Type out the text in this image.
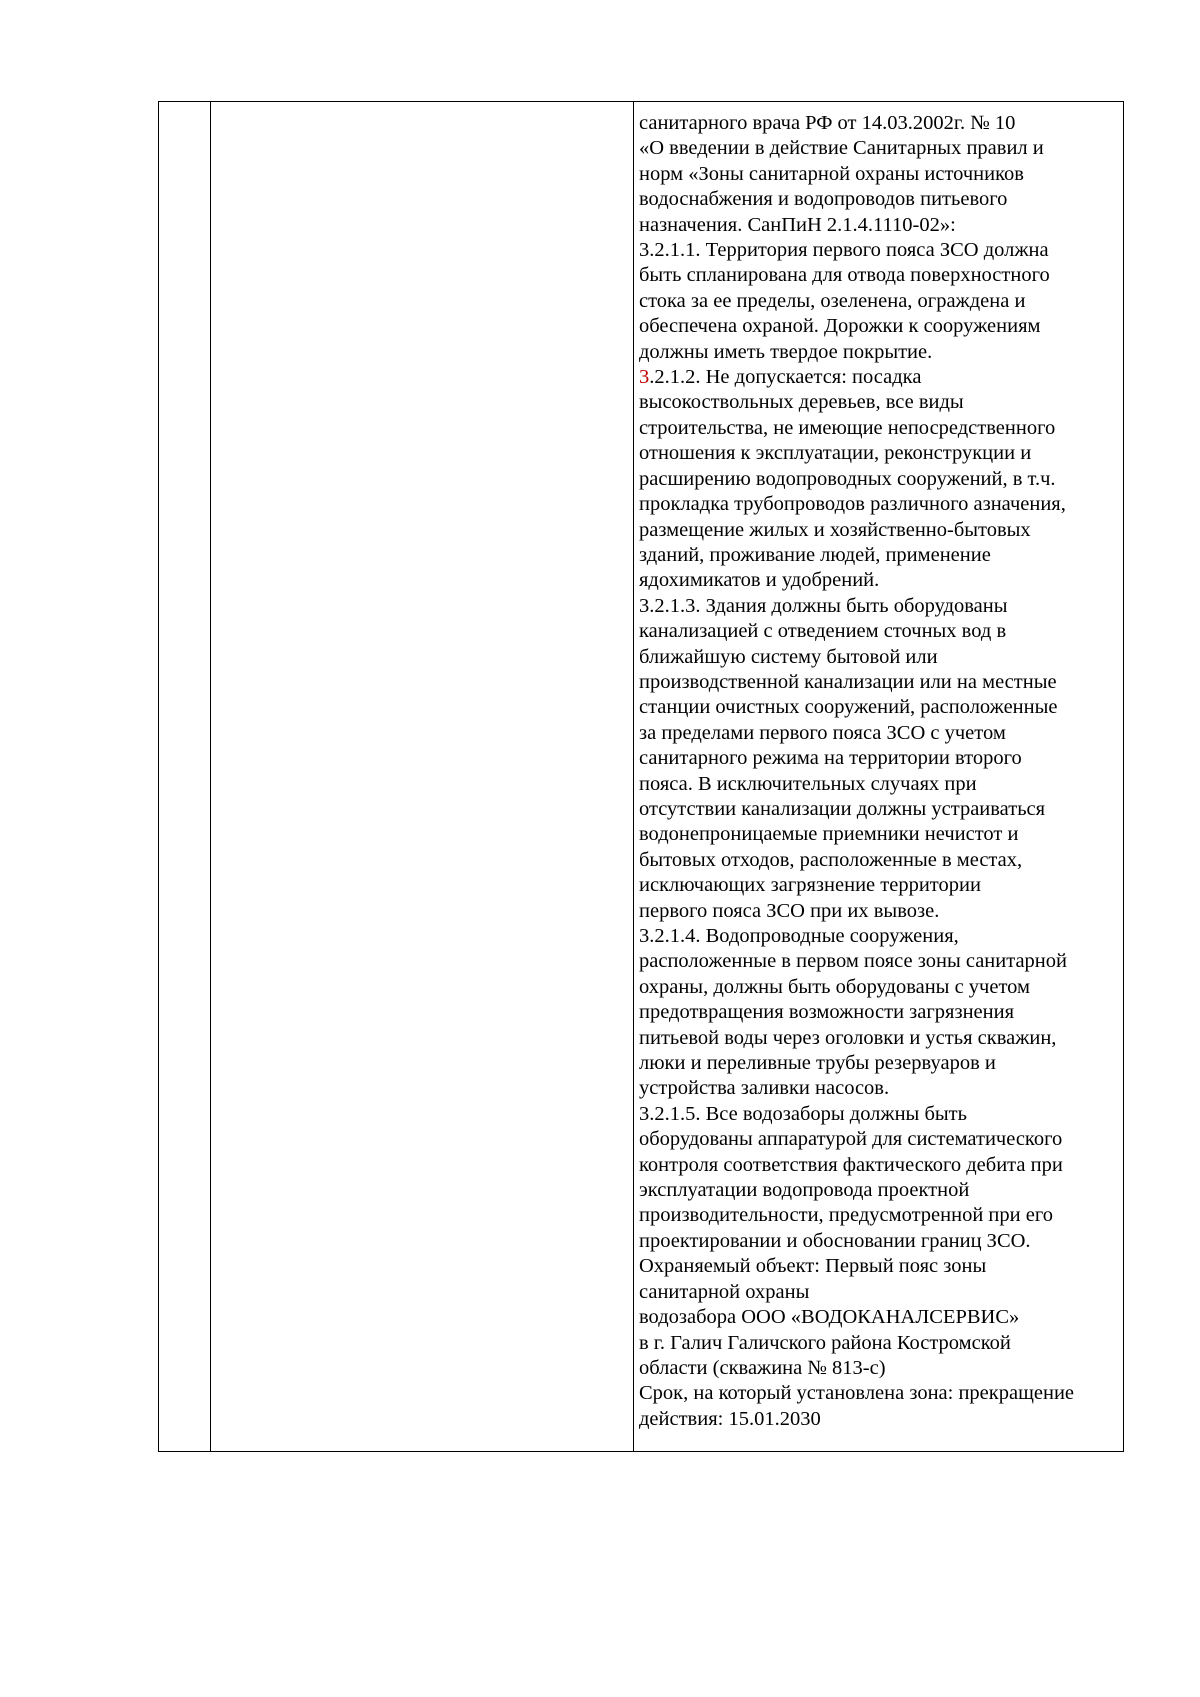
санитарного врача РФ от 14.03.2002г. № 10
«О введении в действие Санитарных правил и
норм «Зоны санитарной охраны источников
водоснабжения и водопроводов питьевого
назначения. СанПиН 2.1.4.1110-02»:
3.2.1.1. Территория первого пояса ЗСО должна
быть спланирована для отвода поверхностного
стока за ее пределы, озеленена, ограждена и
обеспечена охраной. Дорожки к сооружениям
должны иметь твердое покрытие.
3.2.1.2. Не допускается: посадка
высокоствольных деревьев, все виды
строительства, не имеющие непосредственного
отношения к эксплуатации, реконструкции и
расширению водопроводных сооружений, в т.ч.
прокладка трубопроводов различного азначения,
размещение жилых и хозяйственно-бытовых
зданий, проживание людей, применение
ядохимикатов и удобрений.
3.2.1.3. Здания должны быть оборудованы
канализацией с отведением сточных вод в
ближайшую систему бытовой или
производственной канализации или на местные
станции очистных сооружений, расположенные
за пределами первого пояса ЗСО с учетом
санитарного режима на территории второго
пояса. В исключительных случаях при
отсутствии канализации должны устраиваться
водонепроницаемые приемники нечистот и
бытовых отходов, расположенные в местах,
исключающих загрязнение территории
первого пояса ЗСО при их вывозе.
3.2.1.4. Водопроводные сооружения,
расположенные в первом поясе зоны санитарной
охраны, должны быть оборудованы с учетом
предотвращения возможности загрязнения
питьевой воды через оголовки и устья скважин,
люки и переливные трубы резервуаров и
устройства заливки насосов.
3.2.1.5. Все водозаборы должны быть
оборудованы аппаратурой для систематического
контроля соответствия фактического дебита при
эксплуатации водопровода проектной
производительности, предусмотренной при его
проектировании и обосновании границ ЗСО.
Охраняемый объект: Первый пояс зоны
санитарной охраны
водозабора ООО «ВОДОКАНАЛСЕРВИС»
в г. Галич Галичского района Костромской
области (скважина № 813-с)
Срок, на который установлена зона: прекращение
действия: 15.01.2030
